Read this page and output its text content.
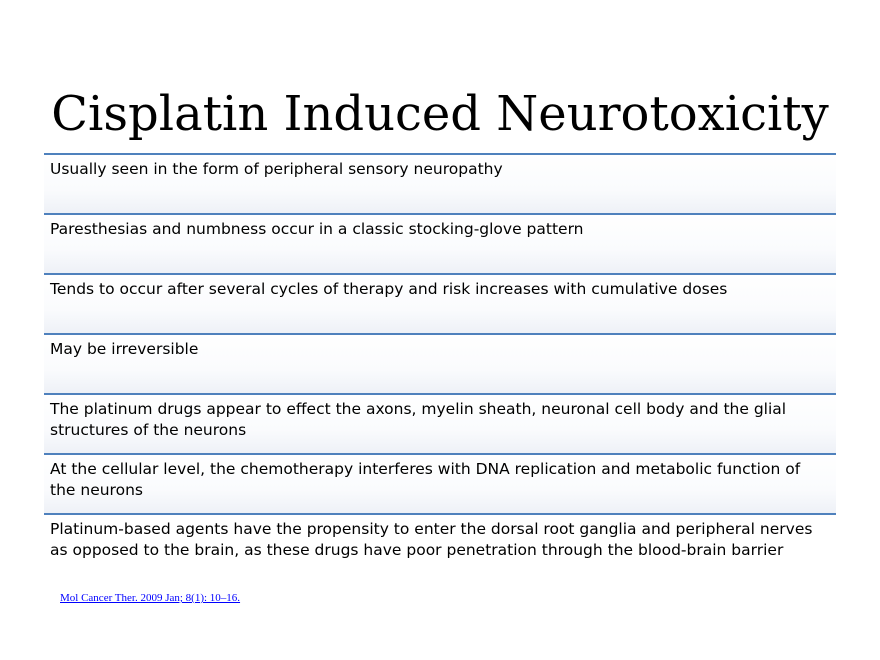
Cisplatin Induced Neurotoxicity
Usually seen in the form of peripheral sensory neuropathy
Paresthesias and numbness occur in a classic stocking-glove pattern
Tends to occur after several cycles of therapy and risk increases with cumulative doses
May be irreversible
The platinum drugs appear to effect the axons, myelin sheath, neuronal cell body and the glial structures of the neurons
At the cellular level, the chemotherapy interferes with DNA replication and metabolic function of the neurons
Platinum-based agents have the propensity to enter the dorsal root ganglia and peripheral nerves as opposed to the brain, as these drugs have poor penetration through the blood-brain barrier
Mol Cancer Ther. 2009 Jan; 8(1): 10–16.
